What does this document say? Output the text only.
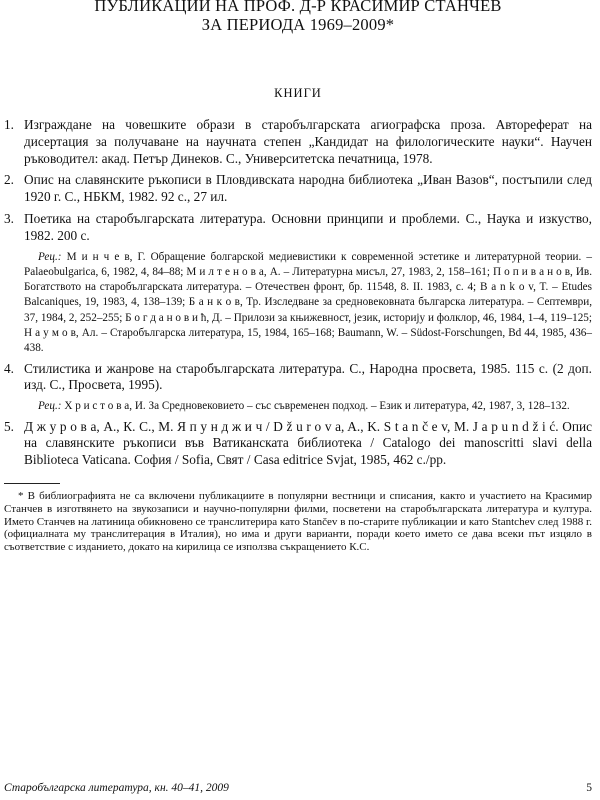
ПУБЛИКАЦИИ НА ПРОФ. Д-Р КРАСИМИР СТАНЧЕВ
ЗА ПЕРИОДА 1969–2009*
КНИГИ
1. Изграждане на човешките образи в старобългарската агиографска проза. Автореферат на дисертация за получаване на научната степен „Кандидат на филологическите науки“. Научен ръководител: акад. Петър Динеков. С., Университетска печатница, 1978.
2. Опис на славянските ръкописи в Пловдивската народна библиотека „Иван Вазов“, постъпили след 1920 г. С., НБКМ, 1982. 92 с., 27 ил.
3. Поетика на старобългарската литература. Основни принципи и проблеми. С., Наука и изкуство, 1982. 200 с.

Рец.: М и н ч е в, Г. Обращение болгарской медиевистики к современной эстетике и литературной теории. – Palaeobulgarica, 6, 1982, 4, 84–88; М и л т е н о в а, А. – Литературна мисъл, 27, 1983, 2, 158–161; П о п и в а н о в, Ив. Богатството на старобългарската литература. – Отечествен фронт, бр. 11548, 8. II. 1983, с. 4; B a n k o v, T. – Etudes Balcaniques, 19, 1983, 4, 138–139; Б а н к о в, Тр. Изследване за средновековната българска литература. – Септември, 37, 1984, 2, 252–255; Б о г д а н о в и ћ, Д. – Прилози за књижевност, језик, историју и фолклор, 46, 1984, 1–4, 119–125; Н а у м о в, Ал. – Старобългарска литература, 15, 1984, 165–168; Baumann, W. – Südost-Forschungen, Bd 44, 1985, 436–438.

4. Стилистика и жанрове на старобългарската литература. С., Народна просвета, 1985. 115 с. (2 доп. изд. С., Просвета, 1995).

Рец.: Х р и с т о в а, И. За Средновековието – със съвременен подход. – Език и литература, 42, 1987, 3, 128–132.

5. Д ж у р о в а, А., К. С., М. Я п у н д ж и ч / D ž u r o v a, A., K. S t a n č e v, M. J a p u n d ž i ć. Опис на славянските ръкописи във Ватиканската библиотека / Catalogo dei manoscritti slavi della Biblioteca Vaticana. София / Sofia, Свят / Casa editrice Svjat, 1985, 462 с./pp.

* В библиографията не са включени публикациите в популярни вестници и списания, както и участието на Красимир Станчев в изготвянето на звукозаписи и научно-популярни филми, посветени на старобългарската литература и култура. Името Станчев на латиница обикновено се транслитерира като Stančev в по-старите публикации и като Stantchev след 1988 г. (официалната му транслитерация в Италия), но има и други варианти, поради което името се дава всеки път изцяло в съответствие с изданието, докато на кирилица се използва съкращението К.С.

Старобългарска литература, кн. 40–41, 2009	5
